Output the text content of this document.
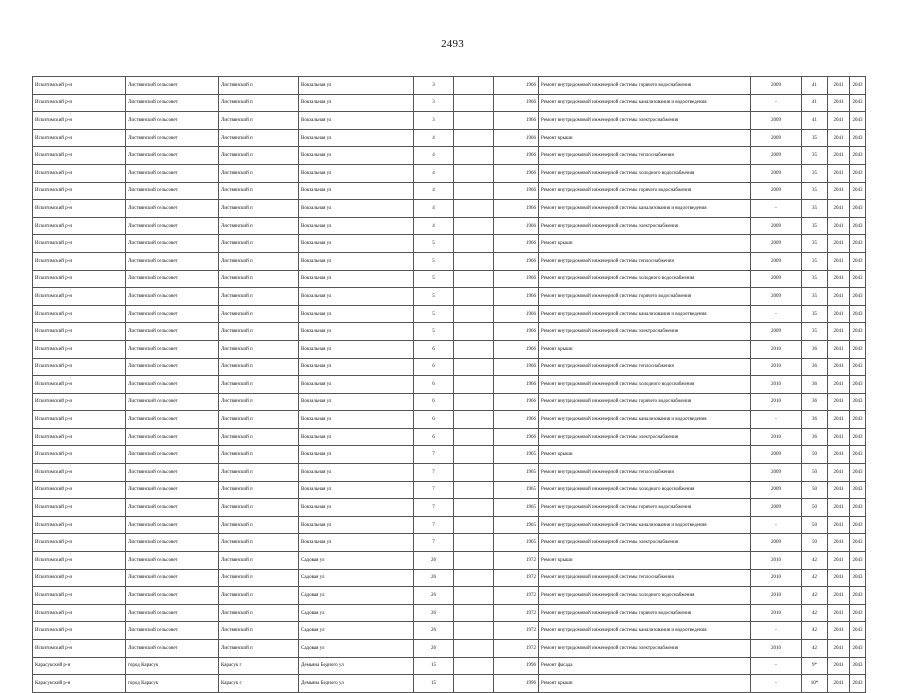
2493
Искитимский р-н	Листвянский сельсовет	Листвянский п	Вокзальная ул	3		1966	Ремонт внутридомовой инженерной системы горячего водоснабжения	2009	41	2041	2043
Искитимский р-н	Листвянский сельсовет	Листвянский п	Вокзальная ул	3		1966	Ремонт внутридомовой инженерной системы канализования и водоотведения	-	41	2041	2043
Искитимский р-н	Листвянский сельсовет	Листвянский п	Вокзальная ул	3		1966	Ремонт внутридомовой инженерной системы электроснабжения	2009	41	2041	2043
Искитимский р-н	Листвянский сельсовет	Листвянский п	Вокзальная ул	4		1966	Ремонт крыши	2009	35	2041	2043
Искитимский р-н	Листвянский сельсовет	Листвянский п	Вокзальная ул	4		1966	Ремонт внутридомовой инженерной системы теплоснабжения	2009	35	2041	2043
Искитимский р-н	Листвянский сельсовет	Листвянский п	Вокзальная ул	4		1966	Ремонт внутридомовой инженерной системы холодного водоснабжения	2009	35	2041	2043
Искитимский р-н	Листвянский сельсовет	Листвянский п	Вокзальная ул	4		1966	Ремонт внутридомовой инженерной системы горячего водоснабжения	2009	35	2041	2043
Искитимский р-н	Листвянский сельсовет	Листвянский п	Вокзальная ул	4		1966	Ремонт внутридомовой инженерной системы канализования и водоотведения	-	35	2041	2043
Искитимский р-н	Листвянский сельсовет	Листвянский п	Вокзальная ул	4		1966	Ремонт внутридомовой инженерной системы электроснабжения	2009	35	2041	2043
Искитимский р-н	Листвянский сельсовет	Листвянский п	Вокзальная ул	5		1966	Ремонт крыши	2009	35	2041	2043
Искитимский р-н	Листвянский сельсовет	Листвянский п	Вокзальная ул	5		1966	Ремонт внутридомовой инженерной системы теплоснабжения	2009	35	2041	2043
Искитимский р-н	Листвянский сельсовет	Листвянский п	Вокзальная ул	5		1966	Ремонт внутридомовой инженерной системы холодного водоснабжения	2009	35	2041	2043
Искитимский р-н	Листвянский сельсовет	Листвянский п	Вокзальная ул	5		1966	Ремонт внутридомовой инженерной системы горячего водоснабжения	2009	35	2041	2043
Искитимский р-н	Листвянский сельсовет	Листвянский п	Вокзальная ул	5		1966	Ремонт внутридомовой инженерной системы канализования и водоотведения	-	35	2041	2043
Искитимский р-н	Листвянский сельсовет	Листвянский п	Вокзальная ул	5		1966	Ремонт внутридомовой инженерной системы электроснабжения	2009	35	2041	2043
Искитимский р-н	Листвянский сельсовет	Листвянский п	Вокзальная ул	6		1966	Ремонт крыши	2010	36	2041	2043
Искитимский р-н	Листвянский сельсовет	Листвянский п	Вокзальная ул	6		1966	Ремонт внутридомовой инженерной системы теплоснабжения	2010	36	2041	2043
Искитимский р-н	Листвянский сельсовет	Листвянский п	Вокзальная ул	6		1966	Ремонт внутридомовой инженерной системы холодного водоснабжения	2010	36	2041	2043
Искитимский р-н	Листвянский сельсовет	Листвянский п	Вокзальная ул	6		1966	Ремонт внутридомовой инженерной системы горячего водоснабжения	2010	36	2041	2043
Искитимский р-н	Листвянский сельсовет	Листвянский п	Вокзальная ул	6		1966	Ремонт внутридомовой инженерной системы канализования и водоотведения	-	36	2041	2043
Искитимский р-н	Листвянский сельсовет	Листвянский п	Вокзальная ул	6		1966	Ремонт внутридомовой инженерной системы электроснабжения	2010	36	2041	2043
Искитимский р-н	Листвянский сельсовет	Листвянский п	Вокзальная ул	7		1965	Ремонт крыши	2009	50	2041	2043
Искитимский р-н	Листвянский сельсовет	Листвянский п	Вокзальная ул	7		1965	Ремонт внутридомовой инженерной системы теплоснабжения	2009	50	2041	2043
Искитимский р-н	Листвянский сельсовет	Листвянский п	Вокзальная ул	7		1965	Ремонт внутридомовой инженерной системы холодного водоснабжения	2009	50	2041	2043
Искитимский р-н	Листвянский сельсовет	Листвянский п	Вокзальная ул	7		1965	Ремонт внутридомовой инженерной системы горячего водоснабжения	2009	50	2041	2043
Искитимский р-н	Листвянский сельсовет	Листвянский п	Вокзальная ул	7		1965	Ремонт внутридомовой инженерной системы канализования и водоотведения	-	50	2041	2043
Искитимский р-н	Листвянский сельсовет	Листвянский п	Вокзальная ул	7		1965	Ремонт внутридомовой инженерной системы электроснабжения	2009	50	2041	2043
Искитимский р-н	Листвянский сельсовет	Листвянский п	Садовая ул	26		1972	Ремонт крыши	2010	42	2041	2043
Искитимский р-н	Листвянский сельсовет	Листвянский п	Садовая ул	26		1972	Ремонт внутридомовой инженерной системы теплоснабжения	2010	42	2041	2043
Искитимский р-н	Листвянский сельсовет	Листвянский п	Садовая ул	26		1972	Ремонт внутридомовой инженерной системы холодного водоснабжения	2010	42	2041	2043
Искитимский р-н	Листвянский сельсовет	Листвянский п	Садовая ул	26		1972	Ремонт внутридомовой инженерной системы горячего водоснабжения	2010	42	2041	2043
Искитимский р-н	Листвянский сельсовет	Листвянский п	Садовая ул	26		1972	Ремонт внутридомовой инженерной системы канализования и водоотведения	-	42	2041	2043
Искитимский р-н	Листвянский сельсовет	Листвянский п	Садовая ул	26		1972	Ремонт внутридомовой инженерной системы электроснабжения	2010	42	2041	2043
Карасукский р-н	город Карасук	Карасук г	Демьяна Бедного ул	15		1996	Ремонт фасада	-	9*	2041	2043
Карасукский р-н	город Карасук	Карасук г	Демьяна Бедного ул	15		1996	Ремонт крыши	-	10*	2041	2043
